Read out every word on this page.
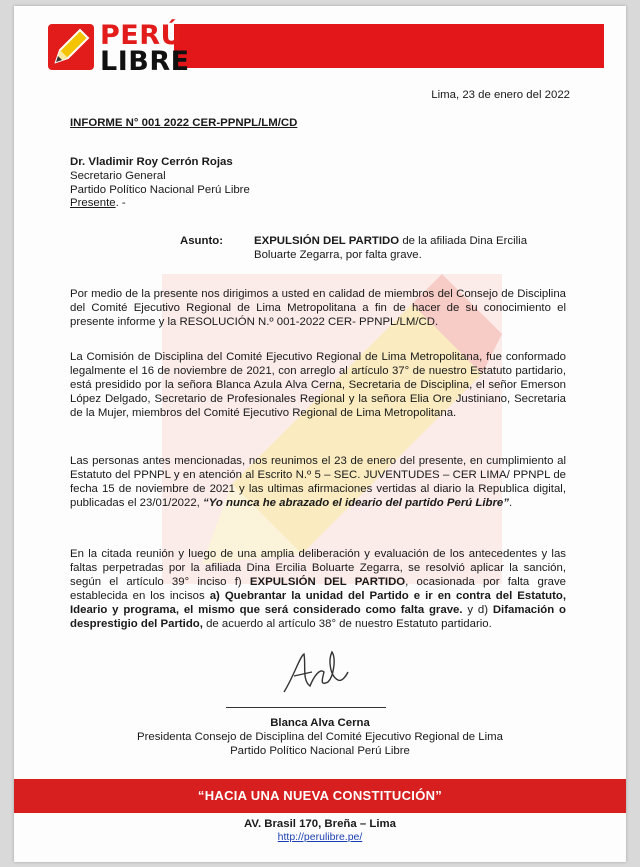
PERÚ
LIBRE
Lima, 23 de enero del 2022
INFORME N° 001 2022 CER-PPNPL/LM/CD
Dr. Vladimir Roy Cerrón Rojas
Secretario General
Partido Político Nacional Perú Libre
Presente. -
Asunto:	EXPULSIÓN DEL PARTIDO de la afiliada Dina Ercilia Boluarte Zegarra, por falta grave.
Por medio de la presente nos dirigimos a usted en calidad de miembros del Consejo de Disciplina del Comité Ejecutivo Regional de Lima Metropolitana a fin de hacer de su conocimiento el presente informe y la RESOLUCIÓN N.º 001-2022 CER- PPNPL/LM/CD.
La Comisión de Disciplina del Comité Ejecutivo Regional de Lima Metropolitana, fue conformado legalmente el 16 de noviembre de 2021, con arreglo al artículo 37° de nuestro Estatuto partidario, está presidido por la señora Blanca Azula Alva Cerna, Secretaria de Disciplina, el señor Emerson López Delgado, Secretario de Profesionales Regional y la señora Elia Ore Justiniano, Secretaria de la Mujer, miembros del Comité Ejecutivo Regional de Lima Metropolitana.
Las personas antes mencionadas, nos reunimos el 23 de enero del presente, en cumplimiento al Estatuto del PPNPL y en atención al Escrito N.º 5 – SEC. JUVENTUDES – CER LIMA/ PPNPL de fecha 15 de noviembre de 2021 y las ultimas afirmaciones vertidas al diario la Republica digital, publicadas el 23/01/2022, “Yo nunca he abrazado el ideario del partido Perú Libre”.
En la citada reunión y luego de una amplia deliberación y evaluación de los antecedentes y las faltas perpetradas por la afiliada Dina Ercilia Boluarte Zegarra, se resolvió aplicar la sanción, según el artículo 39° inciso f) EXPULSIÓN DEL PARTIDO, ocasionada por falta grave establecida en los incisos a) Quebrantar la unidad del Partido e ir en contra del Estatuto, Ideario y programa, el mismo que será considerado como falta grave. y d) Difamación o desprestigio del Partido, de acuerdo al artículo 38° de nuestro Estatuto partidario.
Blanca Alva Cerna
Presidenta Consejo de Disciplina del Comité Ejecutivo Regional de Lima
Partido Político Nacional Perú Libre
“HACIA UNA NUEVA CONSTITUCIÓN”
AV. Brasil 170, Breña – Lima
http://perulibre.pe/
